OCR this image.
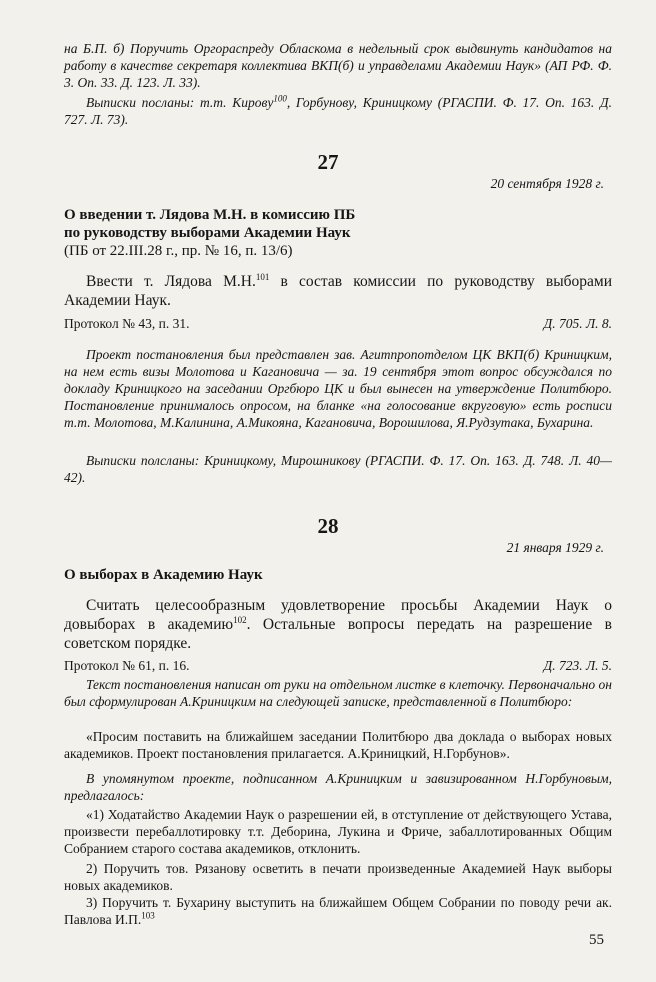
на Б.П. б) Поручить Оргораспреду Обласкома в недельный срок выдвинуть кандидатов на работу в качестве секретаря коллектива ВКП(б) и управделами Академии Наук» (АП РФ. Ф. 3. Оп. 33. Д. 123. Л. 33).

Выписки посланы: т.т. Кирову$^{100}$, Горбунову, Криницкому (РГАСПИ. Ф. 17. Оп. 163. Д. 727. Л. 73).

27

20 сентября 1928 г.

О введении т. Лядова М.Н. в комиссию ПБ
по руководству выборами Академии Наук

(ПБ от 22.III.28 г., пр. № 16, п. 13/6)

Ввести т. Лядова М.Н.$^{101}$ в состав комиссии по руководству выборами Академии Наук.

Протокол № 43, п. 31.	Д. 705. Л. 8.

Проект постановления был представлен зав. Агитпропотделом ЦК ВКП(б) Криницким, на нем есть визы Молотова и Кагановича — за. 19 сентября этот вопрос обсуждался по докладу Криницкого на заседании Оргбюро ЦК и был вынесен на утверждение Политбюро. Постановление принималось опросом, на бланке «на голосование вкруговую» есть росписи т.т. Молотова, М.Калинина, А.Микояна, Кагановича, Ворошилова, Я.Рудзутака, Бухарина.

Выписки полсланы: Криницкому, Мирошникову (РГАСПИ. Ф. 17. Оп. 163. Д. 748. Л. 40—42).

28

21 января 1929 г.

О выборах в Академию Наук

Считать целесообразным удовлетворение просьбы Академии Наук о довыборах в академию$^{102}$. Остальные вопросы передать на разрешение в советском порядке.

Протокол № 61, п. 16.	Д. 723. Л. 5.

Текст постановления написан от руки на отдельном листке в клеточку. Первоначально он был сформулирован А.Криницким на следующей записке, представленной в Политбюро:

«Просим поставить на ближайшем заседании Политбюро два доклада о выборах новых академиков. Проект постановления прилагается. А.Криницкий, Н.Горбунов».

В упомянутом проекте, подписанном А.Криницким и завизированном Н.Горбуновым, предлагалось:

«1) Ходатайство Академии Наук о разрешении ей, в отступление от действующего Устава, произвести перебаллотировку т.т. Деборина, Лукина и Фриче, забаллотированных Общим Собранием старого состава академиков, отклонить.

2) Поручить тов. Рязанову осветить в печати произведенные Академией Наук выборы новых академиков.

3) Поручить т. Бухарину выступить на ближайшем Общем Собрании по поводу речи ак. Павлова И.П.$^{103}$

55
